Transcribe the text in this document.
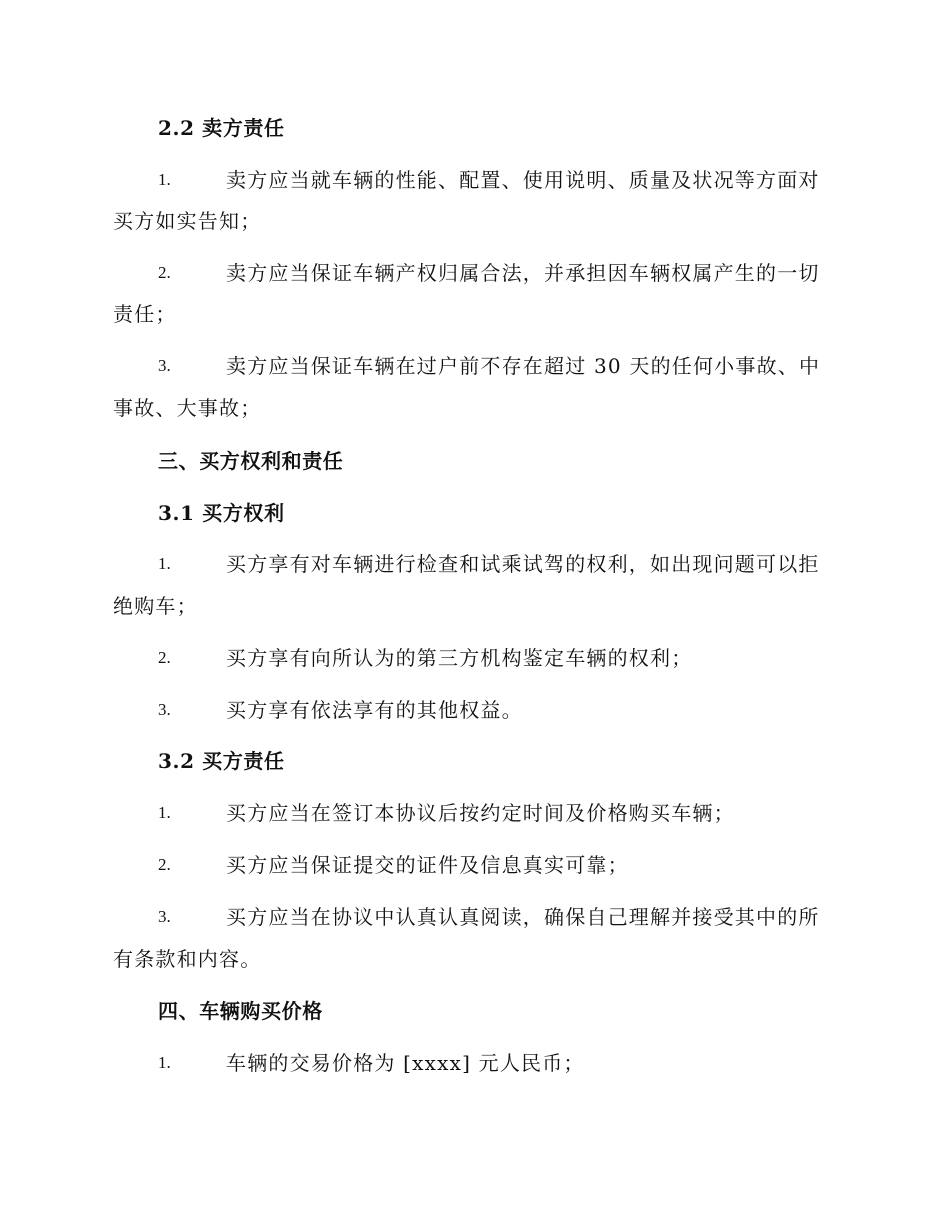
2.2 卖方责任
1.	卖方应当就车辆的性能、配置、使用说明、质量及状况等方面对
买方如实告知；
2.	卖方应当保证车辆产权归属合法，并承担因车辆权属产生的一切
责任；
3.	卖方应当保证车辆在过户前不存在超过 30 天的任何小事故、中
事故、大事故；
三、买方权利和责任
3.1 买方权利
1.	买方享有对车辆进行检查和试乘试驾的权利，如出现问题可以拒
绝购车；
2.	买方享有向所认为的第三方机构鉴定车辆的权利；
3.	买方享有依法享有的其他权益。
3.2 买方责任
1.	买方应当在签订本协议后按约定时间及价格购买车辆；
2.	买方应当保证提交的证件及信息真实可靠；
3.	买方应当在协议中认真认真阅读，确保自己理解并接受其中的所
有条款和内容。
四、车辆购买价格
1.	车辆的交易价格为 [xxxx] 元人民币；
